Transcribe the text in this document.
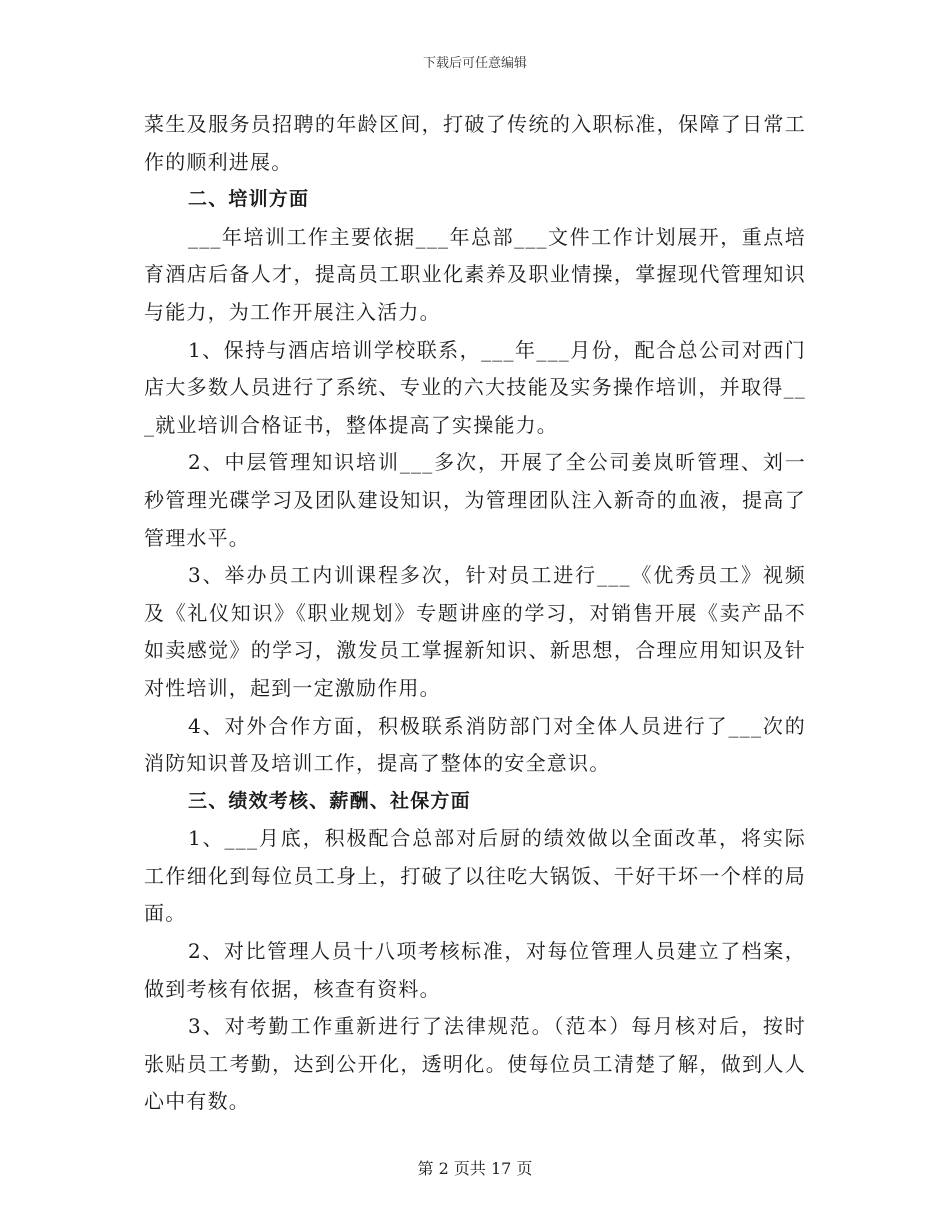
下载后可任意编辑

菜生及服务员招聘的年龄区间，打破了传统的入职标准，保障了日常工作的顺利进展。

二、培训方面

___年培训工作主要依据___年总部___文件工作计划展开，重点培育酒店后备人才，提高员工职业化素养及职业情操，掌握现代管理知识与能力，为工作开展注入活力。

1、保持与酒店培训学校联系，___年___月份，配合总公司对西门店大多数人员进行了系统、专业的六大技能及实务操作培训，并取得___就业培训合格证书，整体提高了实操能力。

2、中层管理知识培训___多次，开展了全公司姜岚昕管理、刘一秒管理光碟学习及团队建设知识，为管理团队注入新奇的血液，提高了管理水平。

3、举办员工内训课程多次，针对员工进行___《优秀员工》视频及《礼仪知识》《职业规划》专题讲座的学习，对销售开展《卖产品不如卖感觉》的学习，激发员工掌握新知识、新思想，合理应用知识及针对性培训，起到一定激励作用。

4、对外合作方面，积极联系消防部门对全体人员进行了___次的消防知识普及培训工作，提高了整体的安全意识。

三、绩效考核、薪酬、社保方面

1、___月底，积极配合总部对后厨的绩效做以全面改革，将实际工作细化到每位员工身上，打破了以往吃大锅饭、干好干坏一个样的局面。

2、对比管理人员十八项考核标准，对每位管理人员建立了档案，做到考核有依据，核查有资料。

3、对考勤工作重新进行了法律规范。（范本）每月核对后，按时张贴员工考勤，达到公开化，透明化。使每位员工清楚了解，做到人人心中有数。

第 2 页共 17 页
